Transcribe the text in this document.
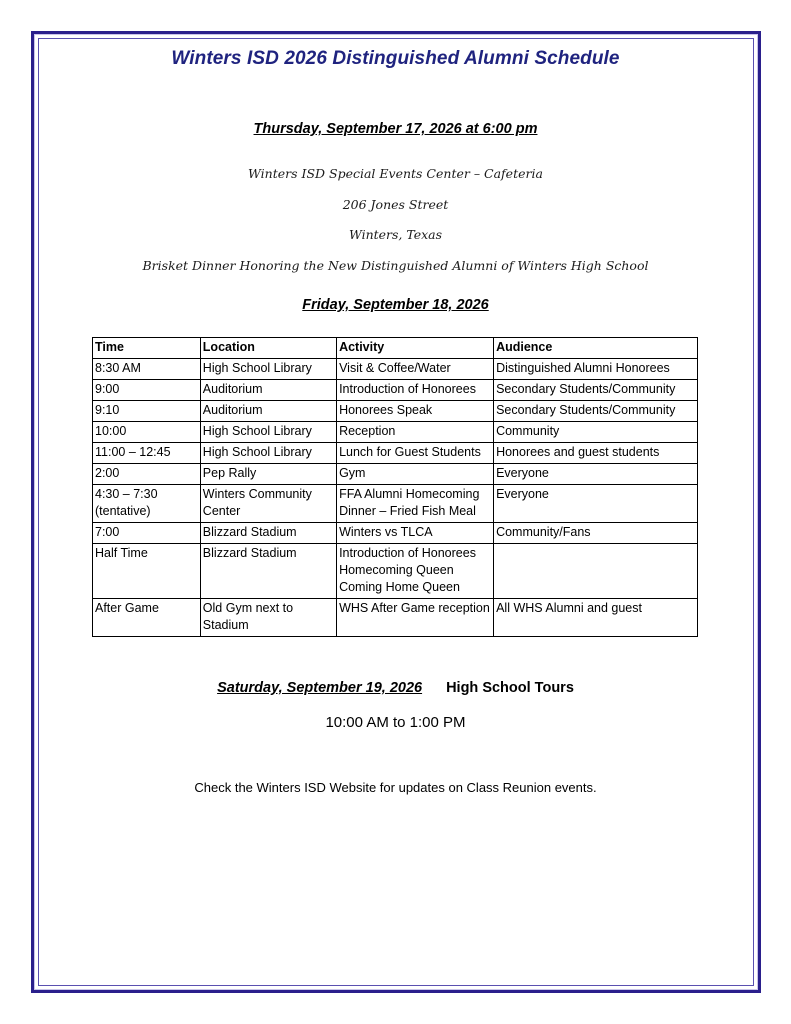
Winters ISD 2026 Distinguished Alumni Schedule
Thursday, September 17, 2026 at 6:00 pm
Winters ISD Special Events Center – Cafeteria
206 Jones Street
Winters, Texas
Brisket Dinner Honoring the New Distinguished Alumni of Winters High School
Friday, September 18, 2026
Time	Location	Activity	Audience
8:30 AM	High School Library	Visit & Coffee/Water	Distinguished Alumni Honorees
9:00	Auditorium	Introduction of Honorees	Secondary Students/Community
9:10	Auditorium	Honorees Speak	Secondary Students/Community
10:00	High School Library	Reception	Community
11:00 – 12:45	High School Library	Lunch for Guest Students	Honorees and guest students
2:00	Pep Rally	Gym	Everyone
4:30 – 7:30 (tentative)	Winters Community Center	FFA Alumni Homecoming Dinner – Fried Fish Meal	Everyone
7:00	Blizzard Stadium	Winters vs TLCA	Community/Fans
Half Time	Blizzard Stadium	Introduction of Honorees Homecoming Queen Coming Home Queen	
After Game	Old Gym next to Stadium	WHS After Game reception	All WHS Alumni and guest
Saturday, September 19, 2026 High School Tours
10:00 AM to 1:00 PM
Check the Winters ISD Website for updates on Class Reunion events.
